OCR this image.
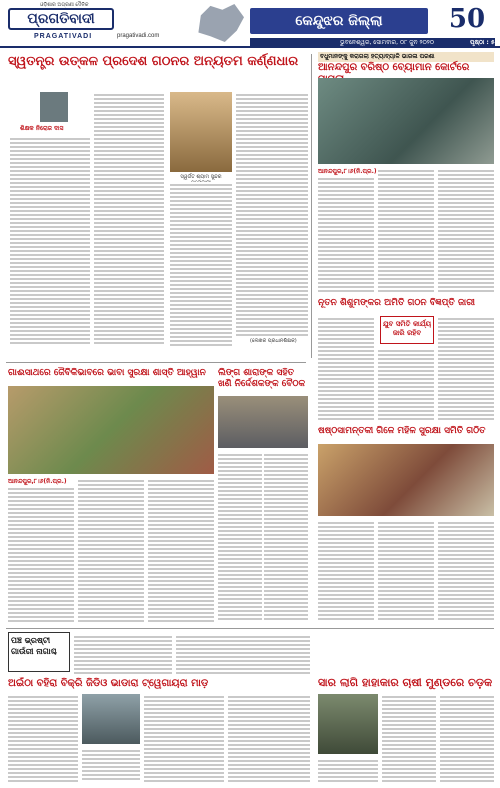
ଓଡ଼ିଶାର ଅଗ୍ରଣୀ ଦୈନିକ
ପ୍ରଗତିବାଦୀ
PRAGATIVADI	pragativadi.com
କେନ୍ଦୁଝର ଜିଲ୍ଲା	50
ଭୁବନେଶ୍ୱର, ସୋମବାର, ୦୮ ଜୁନ ୨୦୨୦	ପୃଷ୍ଠା : ୫
ସ୍ୱତନ୍ତ୍ର ଉତ୍କଳ ପ୍ରଦେଶ ଗଠନର ଅନ୍ୟତମ କର୍ଣ୍ଣଧାର
ଶିକ୍ଷକ ନିରୋଜ ଦାସ
ସ୍ୱର୍ଗତ ଶ୍ୟାମ ସୁନ୍ଦର
(ଲେଖକ ପ୍ରଧାନଶିକ୍ଷକ)
ବଧୁମାନଙ୍କୁ କରାଗଲା ହତ୍ୟାବ୍ୟାଳି ଭାରଳା ପରଶା
ଆନନ୍ଦପୁର ବରିଷ୍ଠ ବ୍ୟୋମାନ କୋର୍ଟରେ
ଆନନ୍ଦପୁର,୮।୬(ନି.ପ୍ର.)
ନୂତନ ଶିଶୁମଙ୍କର ଅମିତି ଗଠନ ବିଜ୍ଞପ୍ତି ଜାରୀ
ଯୁବ ସମିତି କାର୍ଯ୍ୟ ଜାରି ରହିବ
ଗାଈସାଥରେ ଜୈବିକିଭାବରେ ଭାବା ସୁରକ୍ଷା ଶାସ୍ତି ଆହ୍ୱାନ
ଆନନ୍ଦପୁର,୮।୬(ନି.ପ୍ର.)
ଲିଙ୍ଗ ଶାରାଙ୍କ ସହିତ ଖଣି ନିର୍ଦ୍ଦେଶକଙ୍କ ବୈଠକ
ଷଷ୍ଠସାମନ୍ତକୀ ଗିଳେ ମହିଳ ସୁରକ୍ଷା ସମିତି ଗଠିତ
ପଞ୍ଚ ଭ୍ରଷ୍ଟୀ ଗାଉଁରୀ ନାଗାଶ୍ଚ
ଅଇଁଠା ବହିରା ବିକ୍ରି ଜିଡିଓ ଭାଡାରା ଟ୍ୱେଗାୟରା ମାଡ଼	ସାର ଲାଗି ହାହାକାର ଚାଷୀ ମୁଣ୍ଡରେ ଚଡ଼କ
